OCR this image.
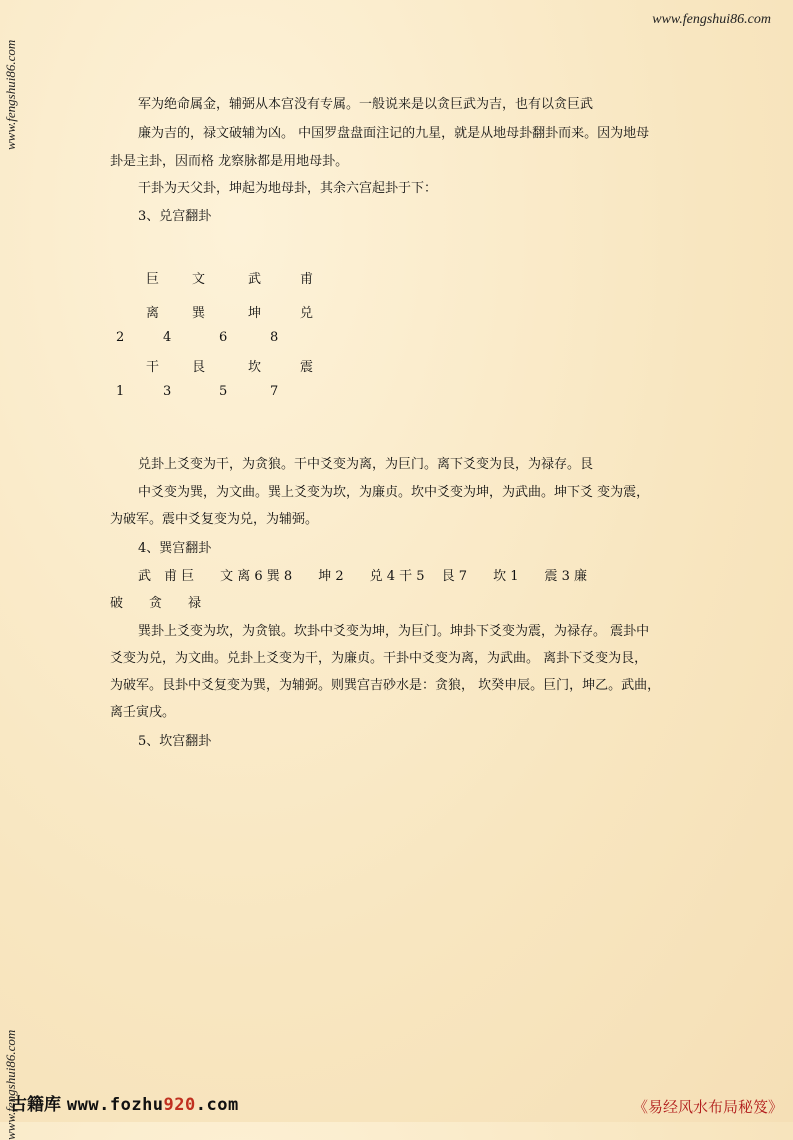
www.fengshui86.com
www.fengshui86.com
www.fengshui86.com
军为绝命属金，辅弼从本宫没有专属。一般说来是以贪巨武为吉，也有以贪巨武
廉为吉的，禄文破辅为凶。 中国罗盘盘面注记的九星，就是从地母卦翻卦而来。因为地母
卦是主卦，因而格 龙察脉都是用地母卦。
干卦为天父卦，坤起为地母卦，其余六宫起卦于下：
3、兑宫翻卦
兑卦上爻变为干，为贪狼。干中爻变为离，为巨门。离下爻变为艮，为禄存。艮
中爻变为巽，为文曲。巽上爻变为坎，为廉贞。坎中爻变为坤，为武曲。坤下爻 变为震，
为破军。震中爻复变为兑，为辅弼。
4、巽宫翻卦
武　甫 巨　　文 离 6 巽 8　　坤 2　　兑 4 干 5　 艮 7　　坎 1　　震 3 廉
破　　贪　　禄
巽卦上爻变为坎，为贪锒。坎卦中爻变为坤，为巨门。坤卦下爻变为震，为禄存。 震卦中
爻变为兑，为文曲。兑卦上爻变为干，为廉贞。干卦中爻变为离，为武曲。 离卦下爻变为艮，
为破军。艮卦中爻复变为巽，为辅弼。则巽宫吉砂水是：贪狼， 坎癸申辰。巨门，坤乙。武曲，
离壬寅戌。
5、坎宫翻卦
巨	文	武	甫
离	巽	坤	兑
2	4	6	8
干	艮	坎	震
1	3	5	7
古籍库 www.fozhu920.com	《易经风水布局秘笈》
